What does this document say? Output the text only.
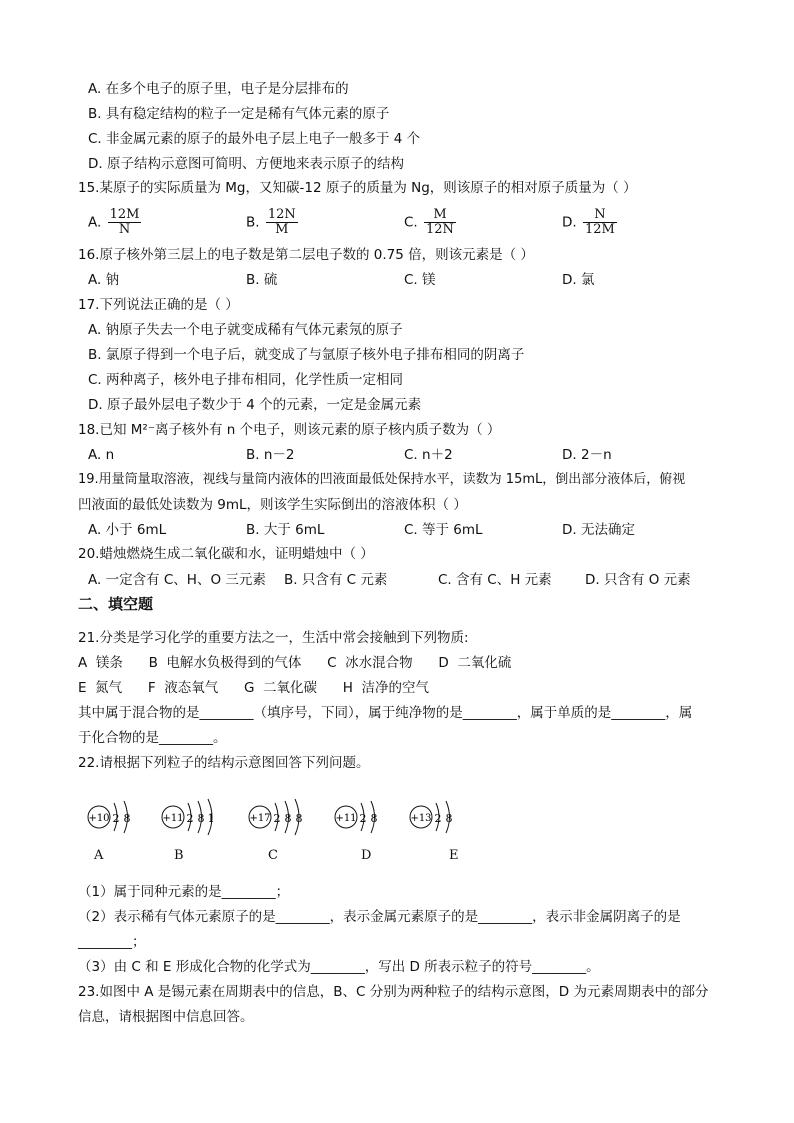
A. 在多个电子的原子里，电子是分层排布的
B. 具有稳定结构的粒子一定是稀有气体元素的原子
C. 非金属元素的原子的最外电子层上电子一般多于 4 个
D. 原子结构示意图可简明、方便地来表示原子的结构
15.某原子的实际质量为 Mg，又知碳-12 原子的质量为 Ng，则该原子的相对原子质量为（ ）
A. $\frac{12M}{N}$	B. $\frac{12N}{M}$	C. $\frac{M}{12N}$	D. $\frac{N}{12M}$
16.原子核外第三层上的电子数是第二层电子数的 0.75 倍，则该元素是（ ）
A. 钠	B. 硫	C. 镁	D. 氯
17.下列说法正确的是（ ）
A. 钠原子失去一个电子就变成稀有气体元素氖的原子
B. 氯原子得到一个电子后，就变成了与氩原子核外电子排布相同的阴离子
C. 两种离子，核外电子排布相同，化学性质一定相同
D. 原子最外层电子数少于 4 个的元素，一定是金属元素
18.已知 M²⁻离子核外有 n 个电子，则该元素的原子核内质子数为（ ）
A. n	B. n－2	C. n＋2	D. 2－n
19.用量筒量取溶液，视线与量筒内液体的凹液面最低处保持水平，读数为 15mL，倒出部分液体后，俯视
凹液面的最低处读数为 9mL，则该学生实际倒出的溶液体积（ ）
A. 小于 6mL	B. 大于 6mL	C. 等于 6mL	D. 无法确定
20.蜡烛燃烧生成二氧化碳和水，证明蜡烛中（ ）
A. 一定含有 C、H、O 三元素 B. 只含有 C 元素	C. 含有 C、H 元素 D. 只含有 O 元素
二、填空题
21.分类是学习化学的重要方法之一，生活中常会接触到下列物质:
A  镁条      B  电解水负极得到的气体      C  冰水混合物      D  二氧化硫
E  氮气      F  液态氧气      G  二氧化碳      H  洁净的空气
其中属于混合物的是________（填序号，下同），属于纯净物的是________，属于单质的是________，属
于化合物的是________。
22.请根据下列粒子的结构示意图回答下列问题。
+10 2 8
A
+11 2 8 1
B
+17 2 8 8
C
+11 2 8
D
+13 2 8
E
（1）属于同种元素的是________；
（2）表示稀有气体元素原子的是________，表示金属元素原子的是________，表示非金属阴离子的是
________；
（3）由 C 和 E 形成化合物的化学式为________，写出 D 所表示粒子的符号________。
23.如图中 A 是锡元素在周期表中的信息，B、C 分别为两种粒子的结构示意图，D 为元素周期表中的部分
信息，请根据图中信息回答。
